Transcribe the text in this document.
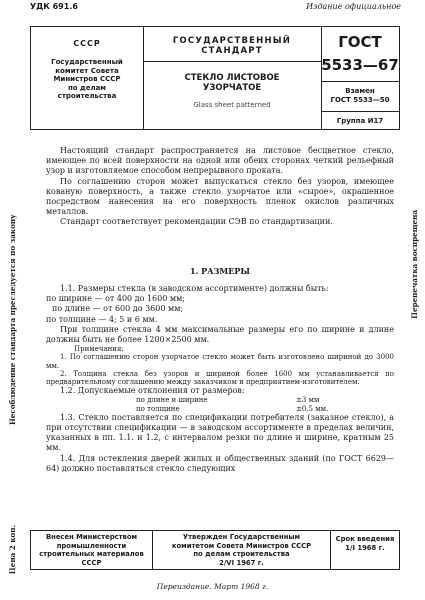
УДК 691.6	Издание официальное
СССР
Государственный
комитет Совета
Министров СССР
по делам
строительства
ГОСУДАРСТВЕННЫЙ
СТАНДАРТ
СТЕКЛО ЛИСТОВОЕ
УЗОРЧАТОЕ
Glass sheet patterned
ГОСТ
5533—67
Взамен
ГОСТ 5533—50
Группа И17
Несоблюдение стандарта преследуется по закону	Перепечатка воспрещена
Цена 2 коп.

Настоящий стандарт распространяется на листовое бесцветное стекло, имеющее по всей поверхности на одной или обеих сторонах четкий рельефный узор и изготовляемое способом непрерывного проката.

По соглашению сторон может выпускаться стекло без узоров, имеющее кованую поверхность, а также стекло узорчатое или «сырое», окрашенное посредством нанесения на его поверхность пленок окислов различных металлов.

Стандарт соответствует рекомендации СЭВ по стандартизации.

1. РАЗМЕРЫ

1.1. Размеры стекла (в заводском ассортименте) должны быть:

по ширине — от 400 до 1600 мм;

по длине — от 600 до 3600 мм;

по толщине — 4; 5 и 6 мм.

При толщине стекла 4 мм максимальные размеры его по ширине и длине должны быть не более 1200×2500 мм.

Примечания:

1. По соглашению сторон узорчатое стекло может быть изготовлено шириной до 3000 мм.

2. Толщина стекла без узоров и шириной более 1600 мм устанавливается по предварительному соглашению между заказчиком и предприятием-изготовителем.

1.2. Допускаемые отклонения от размеров:

по длине и ширине	±3 мм
по толщине	±0,5 мм.

1.3. Стекло поставляется по спецификации потребителя (заказное стекло), а при отсутствии спецификации — в заводском ассортименте в пределах величин, указанных в пп. 1.1. и 1.2, с интервалом резки по длине и ширине, кратным 25 мм.

1.4. Для остекления дверей жилых и общественных зданий (по ГОСТ 6629—64) должно поставляться стекло следующих

Внесен Министерством
промышленности
строительных материалов
СССР
Утвержден Государственным
комитетом Совета Министров СССР
по делам строительства
2/VI 1967 г.
Срок введения
1/I 1968 г.
Переиздание. Март 1968 г.
